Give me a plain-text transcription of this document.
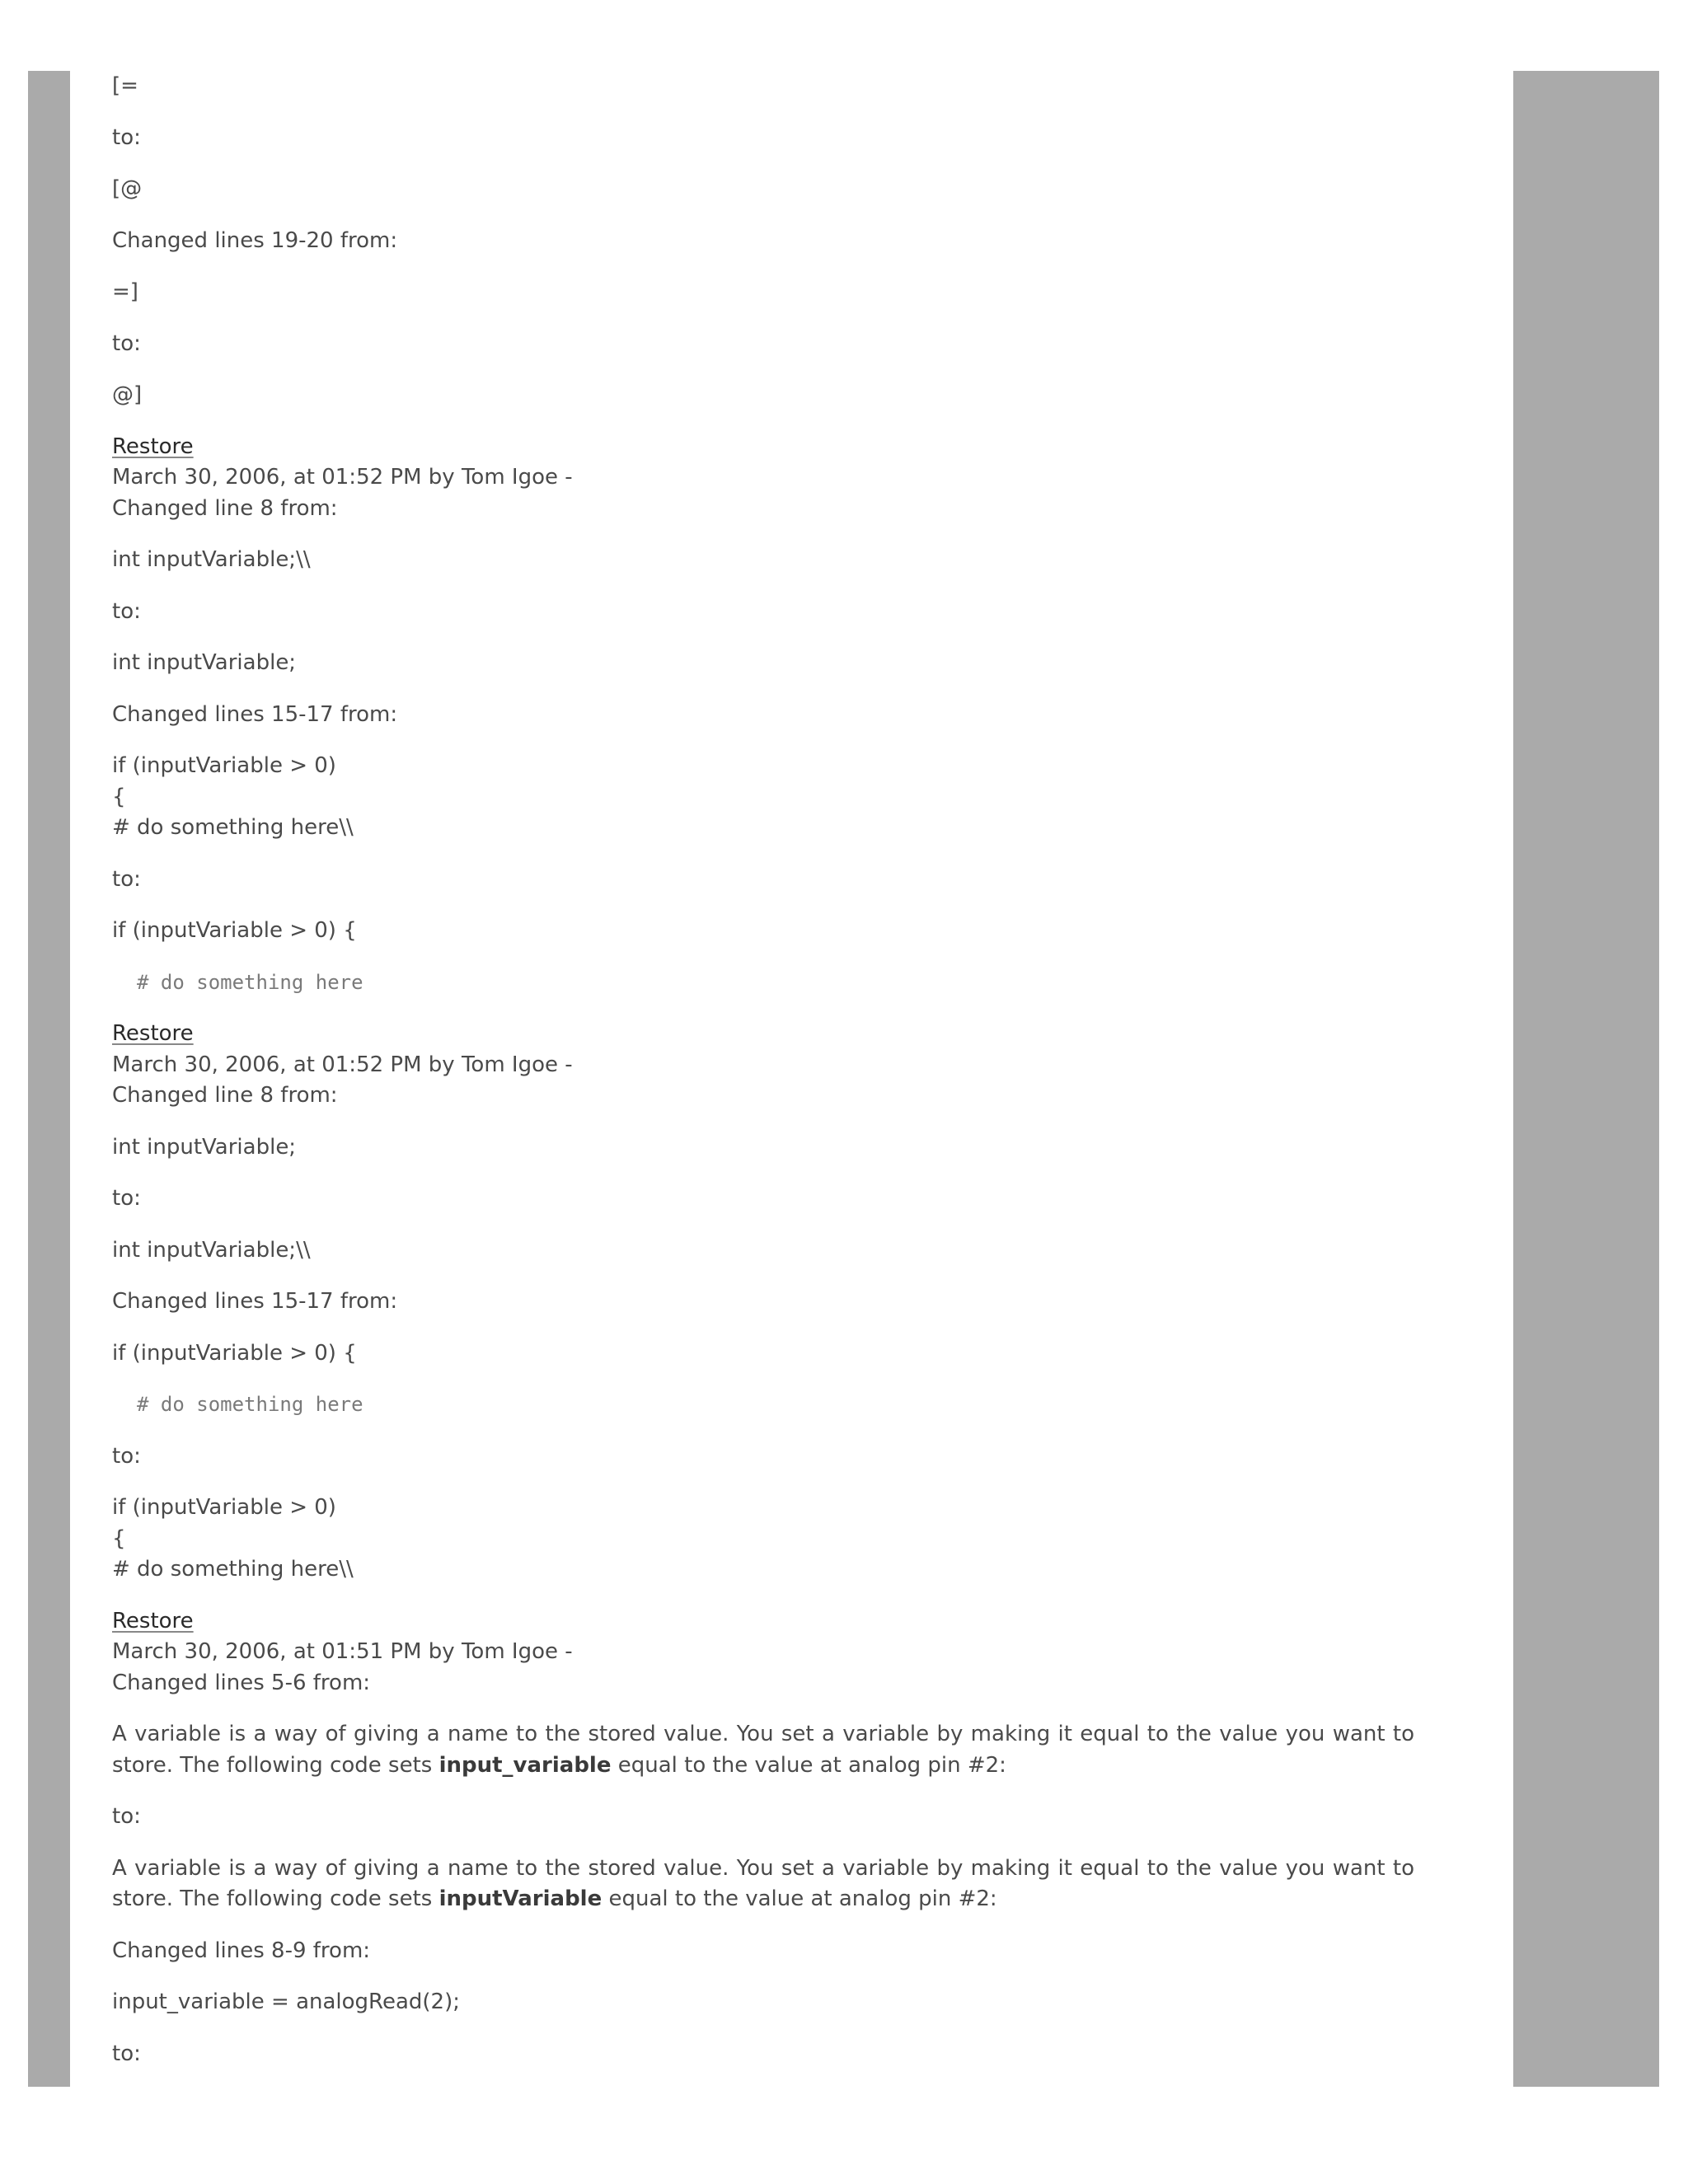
[=

to:

[@

Changed lines 19-20 from:

=]

to:

@]

Restore
March 30, 2006, at 01:52 PM by Tom Igoe -

Changed line 8 from:

int inputVariable;\\

to:

int inputVariable;

Changed lines 15-17 from:

if (inputVariable > 0)
{
# do something here\\

to:

if (inputVariable > 0) {

# do something here

Restore
March 30, 2006, at 01:52 PM by Tom Igoe -

Changed line 8 from:

int inputVariable;

to:

int inputVariable;\\

Changed lines 15-17 from:

if (inputVariable > 0) {

# do something here

to:

if (inputVariable > 0)
{
# do something here\\

Restore
March 30, 2006, at 01:51 PM by Tom Igoe -

Changed lines 5-6 from:

A variable is a way of giving a name to the stored value. You set a variable by making it equal to the value you want to store. The following code sets input_variable equal to the value at analog pin #2:

to:

A variable is a way of giving a name to the stored value. You set a variable by making it equal to the value you want to store. The following code sets inputVariable equal to the value at analog pin #2:

Changed lines 8-9 from:

input_variable = analogRead(2);

to:
